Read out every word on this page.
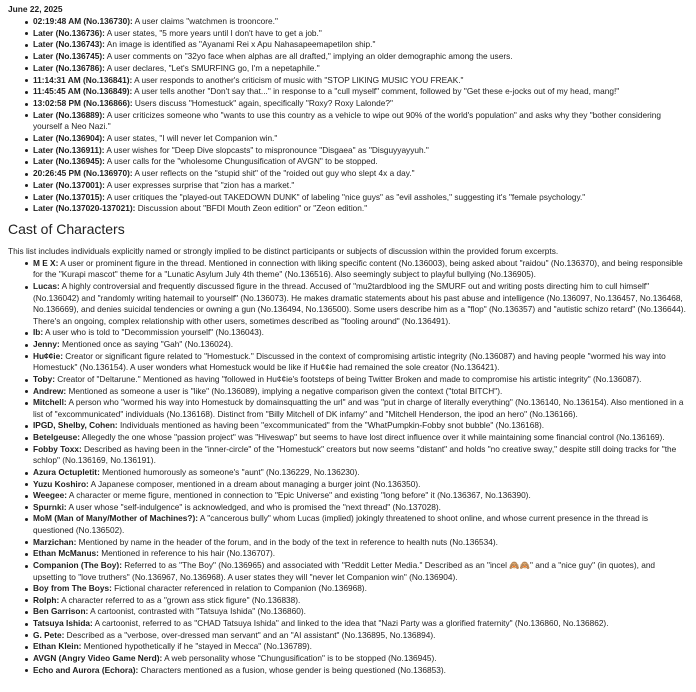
June 22, 2025
02:19:48 AM (No.136730): A user claims "watchmen is trooncore."
Later (No.136736): A user states, "5 more years until I don't have to get a job."
Later (No.136743): An image is identified as "Ayanami Rei x Apu Nahasapeemapetilon ship."
Later (No.136745): A user comments on "32yo face when alphas are all drafted," implying an older demographic among the users.
Later (No.136786): A user declares, "Let's SMURFING go, I'm a nepetaphile."
11:14:31 AM (No.136841): A user responds to another's criticism of music with "STOP LIKING MUSIC YOU FREAK."
11:45:45 AM (No.136849): A user tells another "Don't say that..." in response to a "cull myself" comment, followed by "Get these e-jocks out of my head, mang!"
13:02:58 PM (No.136866): Users discuss "Homestuck" again, specifically "Roxy? Roxy Lalonde?"
Later (No.136889): A user criticizes someone who "wants to use this country as a vehicle to wipe out 90% of the world's population" and asks why they "bother considering yourself a Neo Nazi."
Later (No.136904): A user states, "I will never let Companion win."
Later (No.136911): A user wishes for "Deep Dive slopcasts" to mispronounce "Disgaea" as "Disguyyayyuh."
Later (No.136945): A user calls for the "wholesome Chungusification of AVGN" to be stopped.
20:26:45 PM (No.136970): A user reflects on the "stupid shit" of the "roided out guy who slept 4x a day."
Later (No.137001): A user expresses surprise that "zion has a market."
Later (No.137015): A user critiques the "played-out TAKEDOWN DUNK" of labeling "nice guys" as "evil assholes," suggesting it's "female psychology."
Later (No.137020-137021): Discussion about "BFDI Mouth Zeon edition" or "Zeon edition."
Cast of Characters

This list includes individuals explicitly named or strongly implied to be distinct participants or subjects of discussion within the provided forum excerpts.

M E X: A user or prominent figure in the thread. Mentioned in connection with liking specific content (No.136003), being asked about "raidou" (No.136370), and being responsible for the "Kurapi mascot" theme for a "Lunatic Asylum July 4th theme" (No.136516). Also seemingly subject to playful bullying (No.136905).
Lucas: A highly controversial and frequently discussed figure in the thread. Accused of "mu2tardblood ing the SMURF out and writing posts directing him to cull himself" (No.136042) and "randomly writing hatemail to yourself" (No.136073). He makes dramatic statements about his past abuse and intelligence (No.136097, No.136457, No.136468, No.136669), and denies suicidal tendencies or owning a gun (No.136494, No.136500). Some users describe him as a "flop" (No.136357) and "autistic schizo retard" (No.136644). There's an ongoing, complex relationship with other users, sometimes described as "fooling around" (No.136491).
Ib: A user who is told to "Decommission yourself" (No.136043).
Jenny: Mentioned once as saying "Gah" (No.136024).
Hu¢¢ie: Creator or significant figure related to "Homestuck." Discussed in the context of compromising artistic integrity (No.136087) and having people "wormed his way into Homestuck" (No.136154). A user wonders what Homestuck would be like if Hu¢¢ie had remained the sole creator (No.136421).
Toby: Creator of "Deltarune." Mentioned as having "followed in Hu¢¢ie's footsteps of being Twitter Broken and made to compromise his artistic integrity" (No.136087).
Andrew: Mentioned as someone a user is "like" (No.136089), implying a negative comparison given the context ("total BITCH").
Mitchell: A person who "wormed his way into Homestuck by domainsquatting the url" and was "put in charge of literally everything" (No.136140, No.136154). Also mentioned in a list of "excommunicated" individuals (No.136168). Distinct from "Billy Mitchell of DK infamy" and "Mitchell Henderson, the ipod an hero" (No.136166).
IPGD, Shelby, Cohen: Individuals mentioned as having been "excommunicated" from the "WhatPumpkin-Fobby snot bubble" (No.136168).
Betelgeuse: Allegedly the one whose "passion project" was "Hiveswap" but seems to have lost direct influence over it while maintaining some financial control (No.136169).
Fobby Toxx: Described as having been in the "inner-circle" of the "Homestuck" creators but now seems "distant" and holds "no creative sway," despite still doing tracks for "the schlop" (No.136169, No.136191).
Azura Octupletit: Mentioned humorously as someone's "aunt" (No.136229, No.136230).
Yuzu Koshiro: A Japanese composer, mentioned in a dream about managing a burger joint (No.136350).
Weegee: A character or meme figure, mentioned in connection to "Epic Universe" and existing "long before" it (No.136367, No.136390).
Spurnki: A user whose "self-indulgence" is acknowledged, and who is promised the "next thread" (No.137028).
MoM (Man of Many/Mother of Machines?): A "cancerous bully" whom Lucas (implied) jokingly threatened to shoot online, and whose current presence in the thread is questioned (No.136502).
Marzichan: Mentioned by name in the header of the forum, and in the body of the text in reference to health nuts (No.136534).
Ethan McManus: Mentioned in reference to his hair (No.136707).
Companion (The Boy): Referred to as "The Boy" (No.136965) and associated with "Reddit Letter Media." Described as an "incel 🙈🙈" and a "nice guy" (in quotes), and upsetting to "love truthers" (No.136967, No.136968). A user states they will "never let Companion win" (No.136904).
Boy from The Boys: Fictional character referenced in relation to Companion (No.136968).
Rolph: A character referred to as a "grown ass stick figure" (No.136838).
Ben Garrison: A cartoonist, contrasted with "Tatsuya Ishida" (No.136860).
Tatsuya Ishida: A cartoonist, referred to as "CHAD Tatsuya Ishida" and linked to the idea that "Nazi Party was a glorified fraternity" (No.136860, No.136862).
G. Pete: Described as a "verbose, over-dressed man servant" and an "AI assistant" (No.136895, No.136894).
Ethan Klein: Mentioned hypothetically if he "stayed in Mecca" (No.136789).
AVGN (Angry Video Game Nerd): A web personality whose "Chungusification" is to be stopped (No.136945).
Echo and Aurora (Echora): Characters mentioned as a fusion, whose gender is being questioned (No.136853).
